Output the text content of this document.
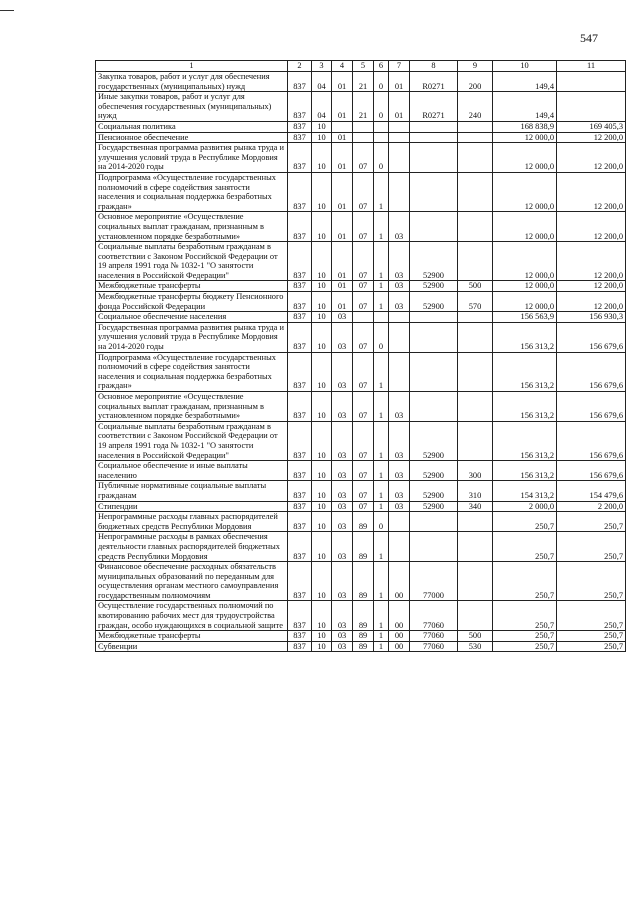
547
1	2	3	4	5	6	7	8	9	10	11
Закупка товаров, работ и услуг для обеспечения государственных (муниципальных) нужд	837	04	01	21	0	01	R0271	200	149,4	
Иные закупки товаров, работ и услуг для обеспечения государственных (муниципальных) нужд	837	04	01	21	0	01	R0271	240	149,4	
Социальная политика	837	10							168 838,9	169 405,3
Пенсионное обеспечение	837	10	01						12 000,0	12 200,0
Государственная программа развития рынка труда и улучшения условий труда в Республике Мордовия на 2014-2020 годы	837	10	01	07	0				12 000,0	12 200,0
Подпрограмма «Осуществление государственных полномочий в сфере содействия занятости населения и социальная поддержка безработных граждан»	837	10	01	07	1				12 000,0	12 200,0
Основное мероприятие «Осуществление социальных выплат гражданам, признанным в установленном порядке безработными»	837	10	01	07	1	03			12 000,0	12 200,0
Социальные выплаты безработным гражданам в соответствии с Законом Российской Федерации от 19 апреля 1991 года № 1032-1 "О занятости населения в Российской Федерации"	837	10	01	07	1	03	52900		12 000,0	12 200,0
Межбюджетные трансферты	837	10	01	07	1	03	52900	500	12 000,0	12 200,0
Межбюджетные трансферты бюджету Пенсионного фонда Российской Федерации	837	10	01	07	1	03	52900	570	12 000,0	12 200,0
Социальное обеспечение населения	837	10	03						156 563,9	156 930,3
Государственная программа развития рынка труда и улучшения условий труда в Республике Мордовия на 2014-2020 годы	837	10	03	07	0				156 313,2	156 679,6
Подпрограмма «Осуществление государственных полномочий в сфере содействия занятости населения и социальная поддержка безработных граждан»	837	10	03	07	1				156 313,2	156 679,6
Основное мероприятие «Осуществление социальных выплат гражданам, признанным в установленном порядке безработными»	837	10	03	07	1	03			156 313,2	156 679,6
Социальные выплаты безработным гражданам в соответствии с Законом Российской Федерации от 19 апреля 1991 года № 1032-1 "О занятости населения в Российской Федерации"	837	10	03	07	1	03	52900		156 313,2	156 679,6
Социальное обеспечение и иные выплаты населению	837	10	03	07	1	03	52900	300	156 313,2	156 679,6
Публичные нормативные социальные выплаты гражданам	837	10	03	07	1	03	52900	310	154 313,2	154 479,6
Стипендии	837	10	03	07	1	03	52900	340	2 000,0	2 200,0
Непрограммные расходы главных распорядителей бюджетных средств Республики Мордовия	837	10	03	89	0				250,7	250,7
Непрограммные расходы в рамках обеспечения деятельности главных распорядителей бюджетных средств Республики Мордовия	837	10	03	89	1				250,7	250,7
Финансовое обеспечение расходных обязательств муниципальных образований по переданным для осуществления органам местного самоуправления государственным полномочиям	837	10	03	89	1	00	77000		250,7	250,7
Осуществление государственных полномочий по квотированию рабочих мест для трудоустройства граждан, особо нуждающихся в социальной защите	837	10	03	89	1	00	77060		250,7	250,7
Межбюджетные трансферты	837	10	03	89	1	00	77060	500	250,7	250,7
Субвенции	837	10	03	89	1	00	77060	530	250,7	250,7
